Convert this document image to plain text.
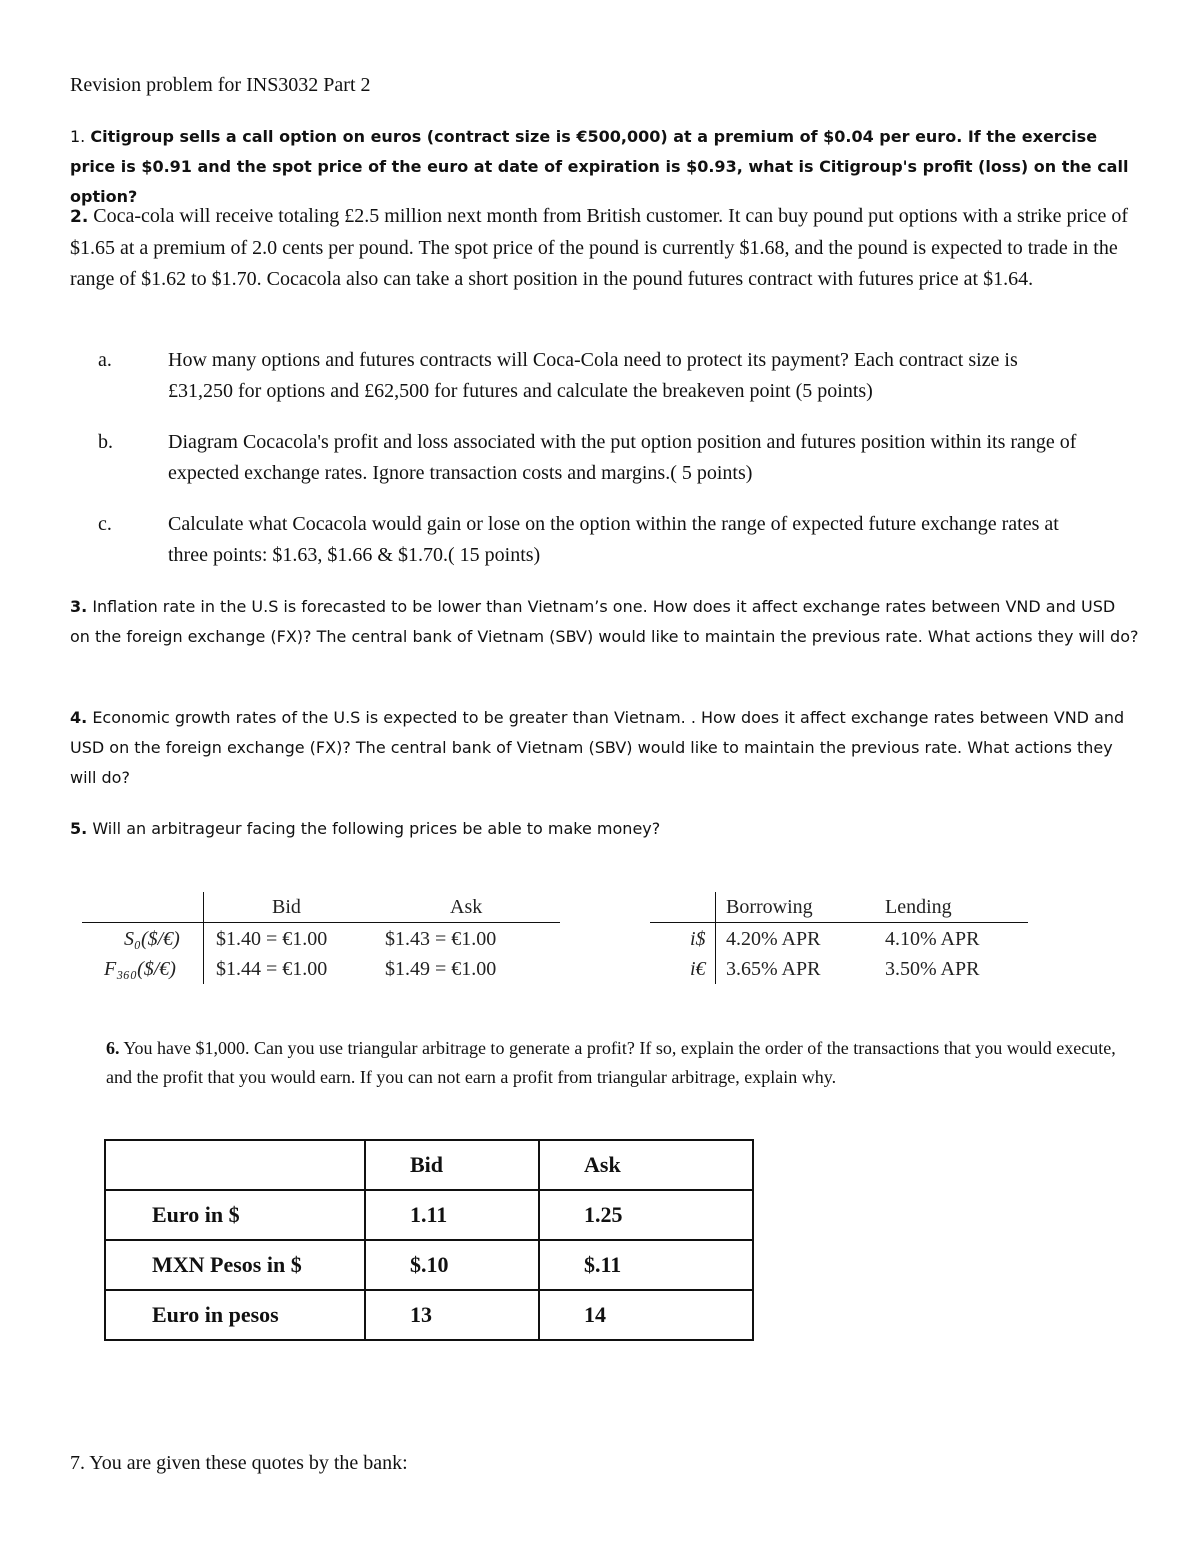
Revision problem for INS3032 Part 2
1. Citigroup sells a call option on euros (contract size is €500,000) at a premium of $0.04 per euro. If the exercise price is $0.91 and the spot price of the euro at date of expiration is $0.93, what is Citigroup's profit (loss) on the call option?
2. Coca-cola will receive totaling £2.5 million next month from British customer. It can buy pound put options with a strike price of $1.65 at a premium of 2.0 cents per pound. The spot price of the pound is currently $1.68, and the pound is expected to trade in the range of $1.62 to $1.70. Cocacola also can take a short position in the pound futures contract with futures price at $1.64.
a.	How many options and futures contracts will Coca-Cola need to protect its payment? Each contract size is £31,250 for options and £62,500 for futures and calculate the breakeven point (5 points)
b.	Diagram Cocacola's profit and loss associated with the put option position and futures position within its range of expected exchange rates. Ignore transaction costs and margins.( 5 points)
c.	Calculate what Cocacola would gain or lose on the option within the range of expected future exchange rates at three points: $1.63, $1.66 & $1.70.( 15 points)
3. Inflation rate in the U.S is forecasted to be lower than Vietnam’s one. How does it affect exchange rates between VND and USD on the foreign exchange (FX)? The central bank of Vietnam (SBV) would like to maintain the previous rate. What actions they will do?
4. Economic growth rates of the U.S is expected to be greater than Vietnam. . How does it affect exchange rates between VND and USD on the foreign exchange (FX)? The central bank of Vietnam (SBV) would like to maintain the previous rate. What actions they will do?
5. Will an arbitrageur facing the following prices be able to make money?
Bid	Ask
S₀($/€) $1.40 = €1.00	$1.43 = €1.00
F₃₆₀($/€) $1.44 = €1.00	$1.49 = €1.00
Borrowing	Lending
i$ 4.20% APR	4.10% APR
i€ 3.65% APR	3.50% APR
6. You have $1,000. Can you use triangular arbitrage to generate a profit? If so, explain the order of the transactions that you would execute, and the profit that you would earn. If you can not earn a profit from triangular arbitrage, explain why.
	Bid	Ask
Euro in $	1.11	1.25
MXN Pesos in $	$.10	$.11
Euro in pesos	13	14
7. You are given these quotes by the bank:
